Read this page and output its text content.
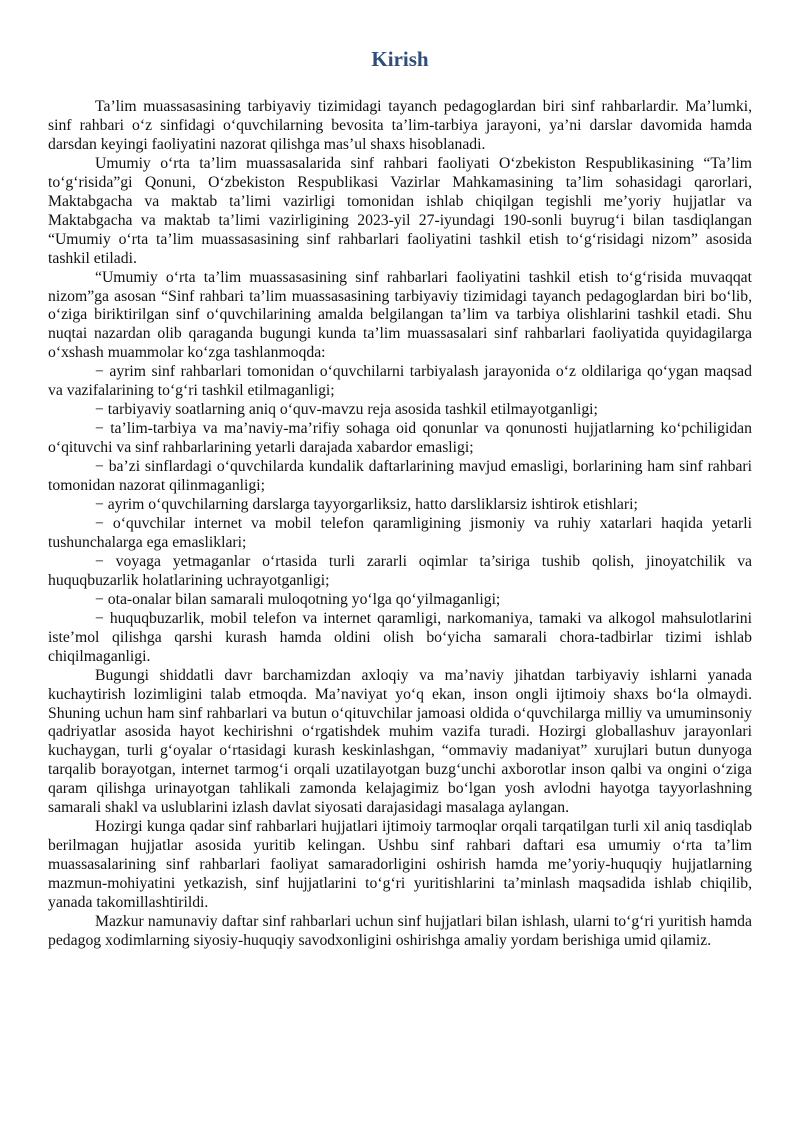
Kirish

Ta’lim muassasasining tarbiyaviy tizimidagi tayanch pedagoglardan biri sinf rahbarlardir. Ma’lumki, sinf rahbari o‘z sinfidagi o‘quvchilarning bevosita ta’lim-tarbiya jarayoni, ya’ni darslar davomida hamda darsdan keyingi faoliyatini nazorat qilishga mas’ul shaxs hisoblanadi.

Umumiy o‘rta ta’lim muassasalarida sinf rahbari faoliyati O‘zbekiston Respublikasining “Ta’lim to‘g‘risida”gi Qonuni, O‘zbekiston Respublikasi Vazirlar Mahkamasining ta’lim sohasidagi qarorlari, Maktabgacha va maktab ta’limi vazirligi tomonidan ishlab chiqilgan tegishli me’yoriy hujjatlar va Maktabgacha va maktab ta’limi vazirligining 2023-yil 27-iyundagi 190-sonli buyrug‘i bilan tasdiqlangan “Umumiy o‘rta ta’lim muassasasining sinf rahbarlari faoliyatini tashkil etish to‘g‘risidagi nizom” asosida tashkil etiladi.

“Umumiy o‘rta ta’lim muassasasining sinf rahbarlari faoliyatini tashkil etish to‘g‘risida muvaqqat nizom”ga asosan “Sinf rahbari ta’lim muassasasining tarbiyaviy tizimidagi tayanch pedagoglardan biri bo‘lib, o‘ziga biriktirilgan sinf o‘quvchilarining amalda belgilangan ta’lim va tarbiya olishlarini tashkil etadi. Shu nuqtai nazardan olib qaraganda bugungi kunda ta’lim muassasalari sinf rahbarlari faoliyatida quyidagilarga o‘xshash muammolar ko‘zga tashlanmoqda:

− ayrim sinf rahbarlari tomonidan o‘quvchilarni tarbiyalash jarayonida o‘z oldilariga qo‘ygan maqsad va vazifalarining to‘g‘ri tashkil etilmaganligi;

− tarbiyaviy soatlarning aniq o‘quv-mavzu reja asosida tashkil etilmayotganligi;

− ta’lim-tarbiya va ma’naviy-ma’rifiy sohaga oid qonunlar va qonunosti hujjatlarning ko‘pchiligidan o‘qituvchi va sinf rahbarlarining yetarli darajada xabardor emasligi;

− ba’zi sinflardagi o‘quvchilarda kundalik daftarlarining mavjud emasligi, borlarining ham sinf rahbari tomonidan nazorat qilinmaganligi;

− ayrim o‘quvchilarning darslarga tayyorgarliksiz, hatto darsliklarsiz ishtirok etishlari;

− o‘quvchilar internet va mobil telefon qaramligining jismoniy va ruhiy xatarlari haqida yetarli tushunchalarga ega emasliklari;

− voyaga yetmaganlar o‘rtasida turli zararli oqimlar ta’siriga tushib qolish, jinoyatchilik va huquqbuzarlik holatlarining uchrayotganligi;

− ota-onalar bilan samarali muloqotning yo‘lga qo‘yilmaganligi;

− huquqbuzarlik, mobil telefon va internet qaramligi, narkomaniya, tamaki va alkogol mahsulotlarini iste’mol qilishga qarshi kurash hamda oldini olish bo‘yicha samarali chora-tadbirlar tizimi ishlab chiqilmaganligi.

Bugungi shiddatli davr barchamizdan axloqiy va ma’naviy jihatdan tarbiyaviy ishlarni yanada kuchaytirish lozimligini talab etmoqda. Ma’naviyat yo‘q ekan, inson ongli ijtimoiy shaxs bo‘la olmaydi. Shuning uchun ham sinf rahbarlari va butun o‘qituvchilar jamoasi oldida o‘quvchilarga milliy va umuminsoniy qadriyatlar asosida hayot kechirishni o‘rgatishdek muhim vazifa turadi. Hozirgi globallashuv jarayonlari kuchaygan, turli g‘oyalar o‘rtasidagi kurash keskinlashgan, “ommaviy madaniyat” xurujlari butun dunyoga tarqalib borayotgan, internet tarmog‘i orqali uzatilayotgan buzg‘unchi axborotlar inson qalbi va ongini o‘ziga qaram qilishga urinayotgan tahlikali zamonda kelajagimiz bo‘lgan yosh avlodni hayotga tayyorlashning samarali shakl va uslublarini izlash davlat siyosati darajasidagi masalaga aylangan.

Hozirgi kunga qadar sinf rahbarlari hujjatlari ijtimoiy tarmoqlar orqali tarqatilgan turli xil aniq tasdiqlab berilmagan hujjatlar asosida yuritib kelingan. Ushbu sinf rahbari daftari esa umumiy o‘rta ta’lim muassasalarining sinf rahbarlari faoliyat samaradorligini oshirish hamda me’yoriy-huquqiy hujjatlarning mazmun-mohiyatini yetkazish, sinf hujjatlarini to‘g‘ri yuritishlarini ta’minlash maqsadida ishlab chiqilib, yanada takomillashtirildi.

Mazkur namunaviy daftar sinf rahbarlari uchun sinf hujjatlari bilan ishlash, ularni to‘g‘ri yuritish hamda pedagog xodimlarning siyosiy-huquqiy savodxonligini oshirishga amaliy yordam berishiga umid qilamiz.
